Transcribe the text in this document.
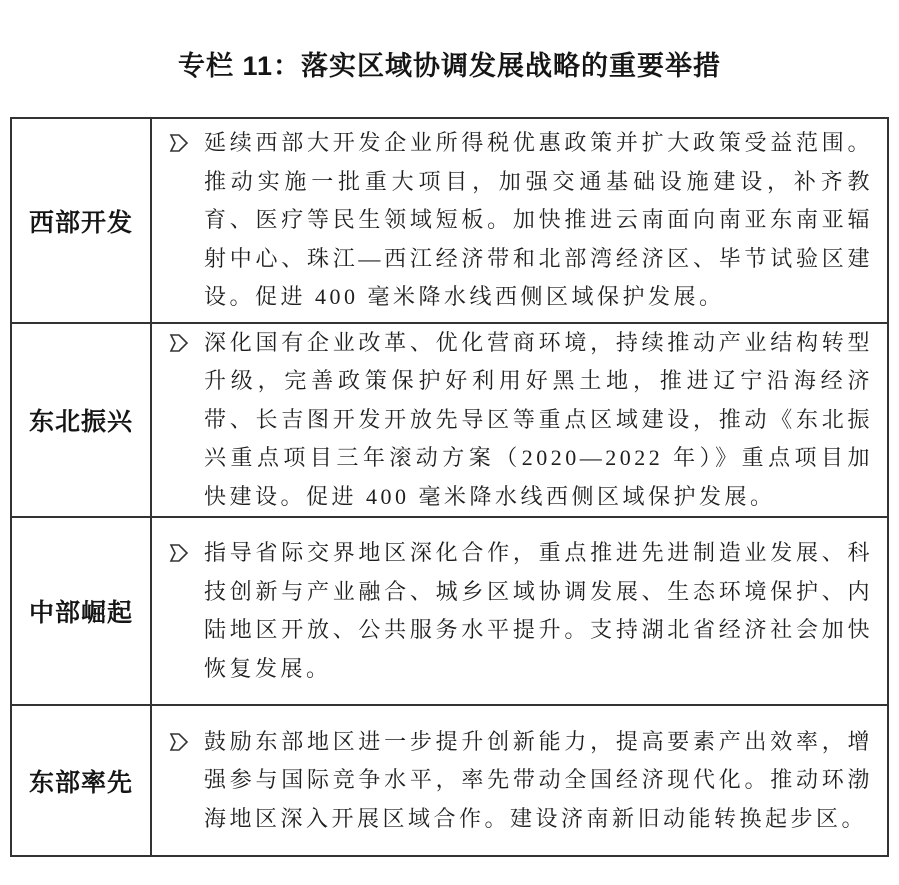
专栏 11：落实区域协调发展战略的重要举措
西部开发

延续西部大开发企业所得税优惠政策并扩大政策受益范围。推动实施一批重大项目，加强交通基础设施建设，补齐教育、医疗等民生领域短板。加快推进云南面向南亚东南亚辐射中心、珠江—西江经济带和北部湾经济区、毕节试验区建设。促进 400 毫米降水线西侧区域保护发展。

东北振兴

深化国有企业改革、优化营商环境，持续推动产业结构转型升级，完善政策保护好利用好黑土地，推进辽宁沿海经济带、长吉图开发开放先导区等重点区域建设，推动《东北振兴重点项目三年滚动方案（2020—2022 年）》重点项目加快建设。促进 400 毫米降水线西侧区域保护发展。

中部崛起

指导省际交界地区深化合作，重点推进先进制造业发展、科技创新与产业融合、城乡区域协调发展、生态环境保护、内陆地区开放、公共服务水平提升。支持湖北省经济社会加快恢复发展。

东部率先

鼓励东部地区进一步提升创新能力，提高要素产出效率，增强参与国际竞争水平，率先带动全国经济现代化。推动环渤海地区深入开展区域合作。建设济南新旧动能转换起步区。
